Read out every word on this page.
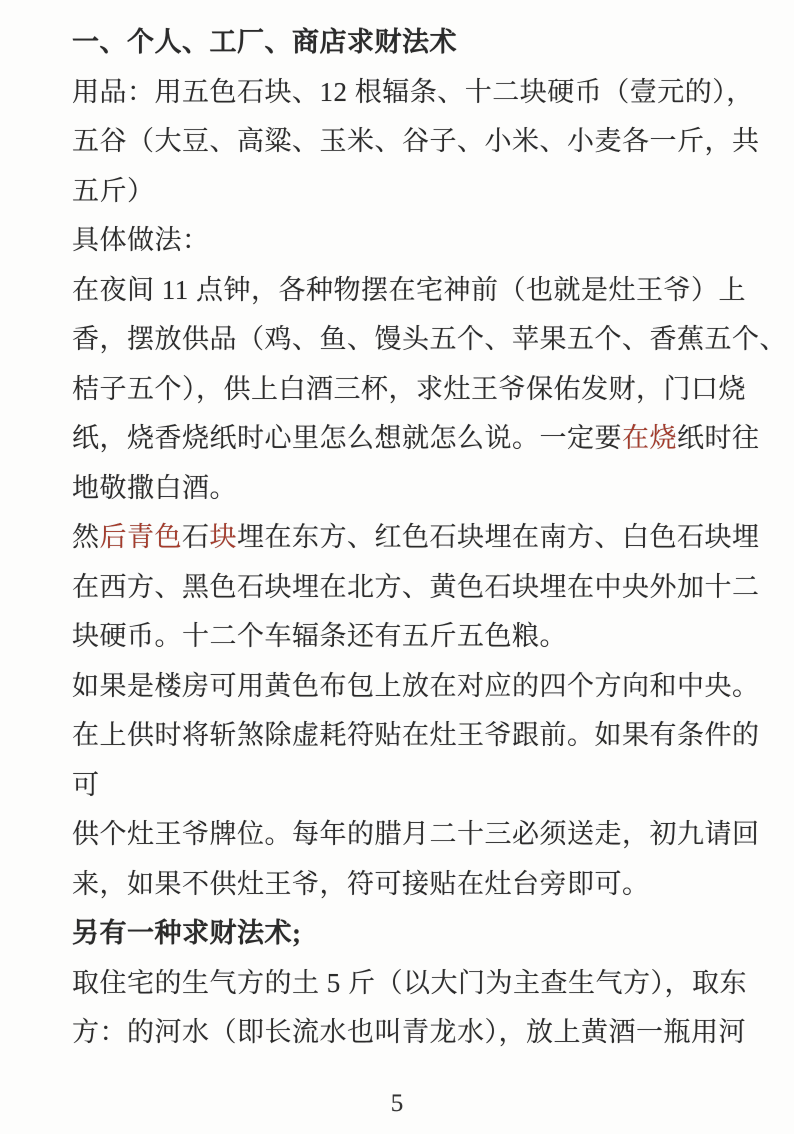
一、个人、工厂、商店求财法术
用品：用五色石块、12 根辐条、十二块硬币（壹元的），
五谷（大豆、高粱、玉米、谷子、小米、小麦各一斤，共
五斤）
具体做法：
在夜间 11 点钟，各种物摆在宅神前（也就是灶王爷）上
香，摆放供品（鸡、鱼、馒头五个、苹果五个、香蕉五个、
桔子五个），供上白酒三杯，求灶王爷保佑发财，门口烧
纸，烧香烧纸时心里怎么想就怎么说。一定要在烧纸时往
地敬撒白酒。
然后青色石块埋在东方、红色石块埋在南方、白色石块埋
在西方、黑色石块埋在北方、黄色石块埋在中央外加十二
块硬币。十二个车辐条还有五斤五色粮。
如果是楼房可用黄色布包上放在对应的四个方向和中央。
在上供时将斩煞除虚耗符贴在灶王爷跟前。如果有条件的
可
供个灶王爷牌位。每年的腊月二十三必须送走，初九请回
来，如果不供灶王爷，符可接贴在灶台旁即可。
另有一种求财法术;
取住宅的生气方的土 5 斤（以大门为主查生气方），取东
方：的河水（即长流水也叫青龙水），放上黄酒一瓶用河
5
